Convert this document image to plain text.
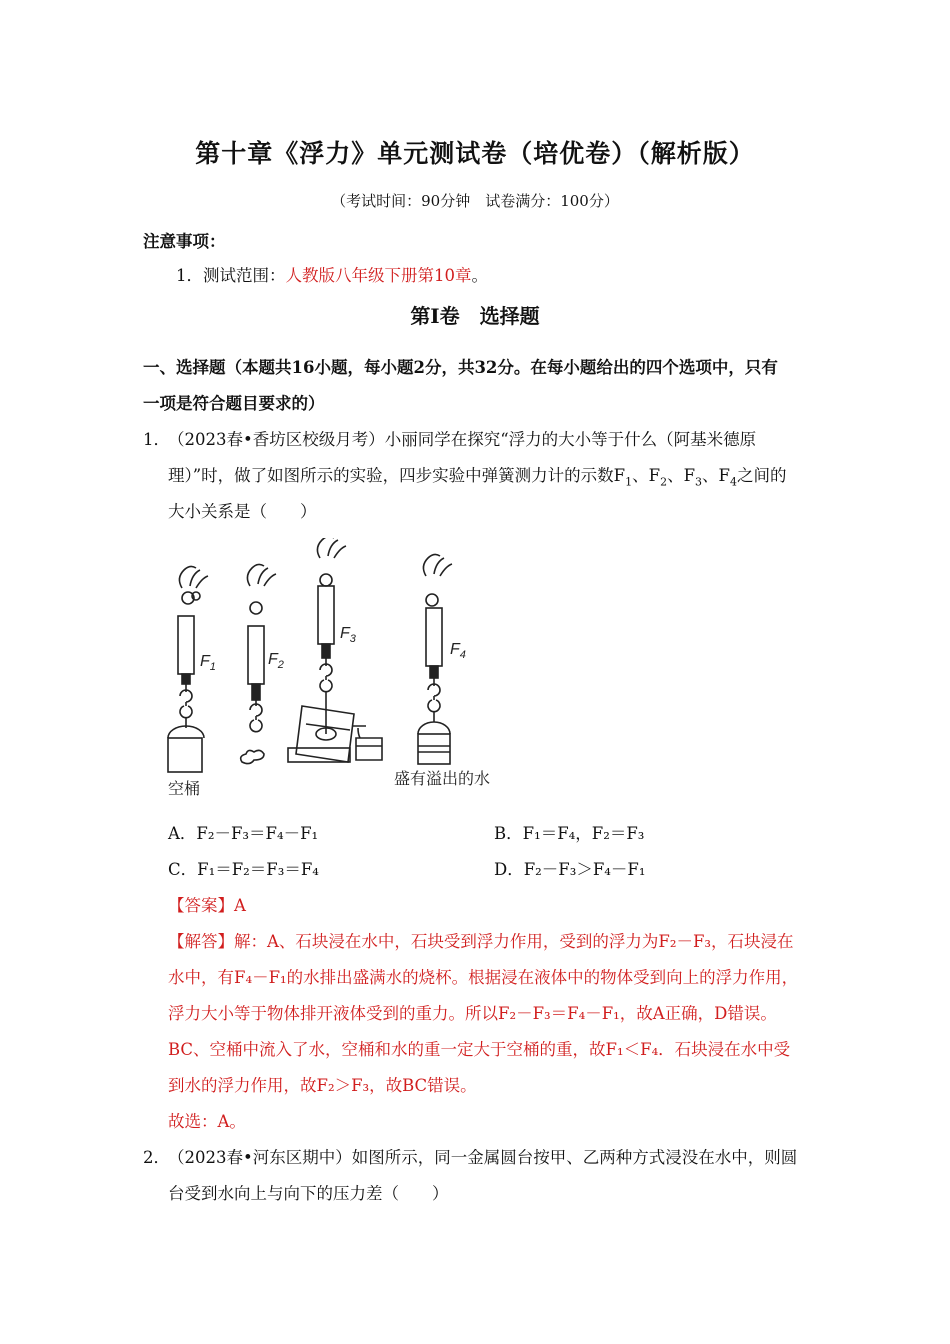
第十章《浮力》单元测试卷（培优卷）（解析版）
（考试时间：90分钟　试卷满分：100分）
注意事项：
1．测试范围：人教版八年级下册第10章。
第Ⅰ卷　选择题
一、选择题（本题共16小题，每小题2分，共32分。在每小题给出的四个选项中，只有
一项是符合题目要求的）
1．
（2023春•香坊区校级月考）小丽同学在探究“浮力的大小等于什么（阿基米德原
理）”时，做了如图所示的实验，四步实验中弹簧测力计的示数$F_1$、$F_2$、$F_3$、$F_4$之间的
大小关系是（　　）
$F_1$	$F_2$
$F_3$
$F_4$
空桶
盛有溢出的水
A．F₂－F₃＝F₄－F₁	B．F₁＝F₄，F₂＝F₃
C．F₁＝F₂＝F₃＝F₄	D．F₂－F₃＞F₄－F₁
【答案】A
【解答】解：A、石块浸在水中，石块受到浮力作用，受到的浮力为F₂－F₃，石块浸在
水中，有F₄－F₁的水排出盛满水的烧杯。根据浸在液体中的物体受到向上的浮力作用，
浮力大小等于物体排开液体受到的重力。所以F₂－F₃＝F₄－F₁，故A正确，D错误。
BC、空桶中流入了水，空桶和水的重一定大于空桶的重，故F₁＜F₄．石块浸在水中受
到水的浮力作用，故F₂＞F₃，故BC错误。
故选：A。
2．
（2023春•河东区期中）如图所示，同一金属圆台按甲、乙两种方式浸没在水中，则圆
台受到水向上与向下的压力差（　　）
